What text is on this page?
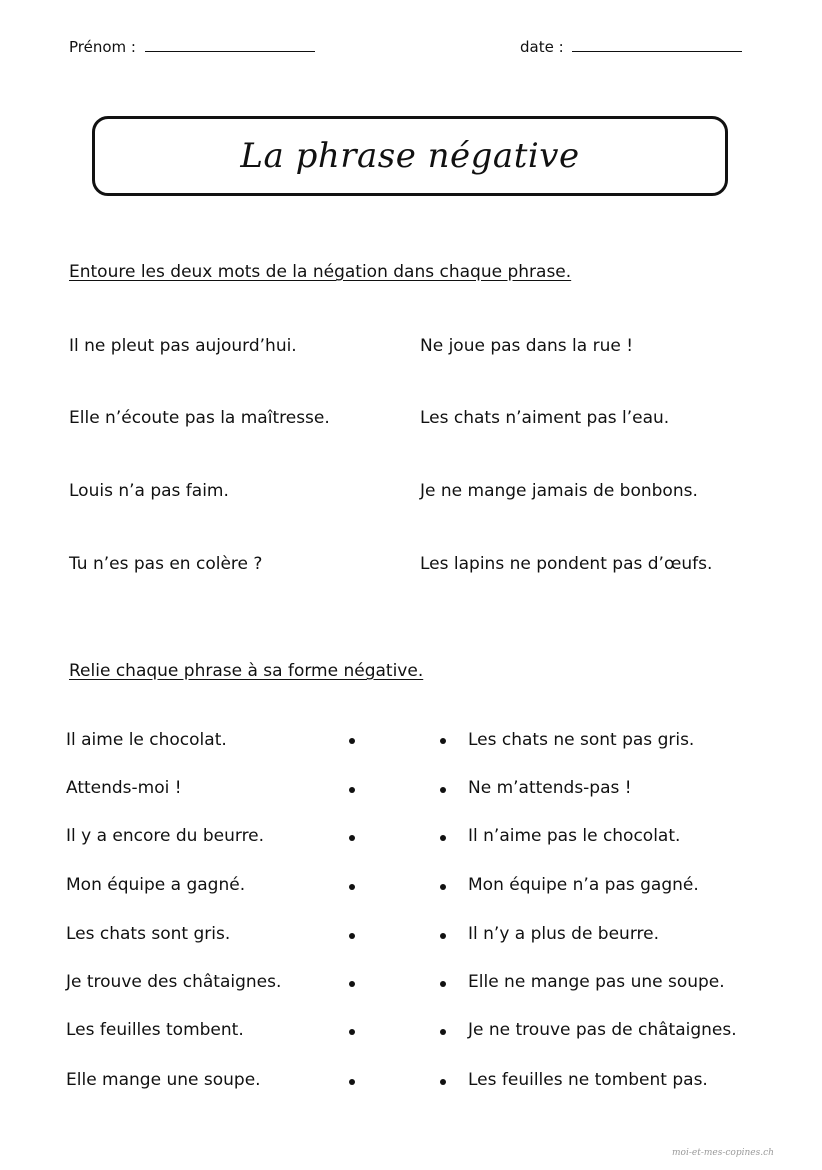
Prénom :	date :
La phrase négative
Entoure les deux mots de la négation dans chaque phrase.
Il ne pleut pas aujourd’hui.
Elle n’écoute pas la maîtresse.
Louis n’a pas faim.
Tu n’es pas en colère ?
Ne joue pas dans la rue !
Les chats n’aiment pas l’eau.
Je ne mange jamais de bonbons.
Les lapins ne pondent pas d’œufs.
Relie chaque phrase à sa forme négative.
Il aime le chocolat.
Attends-moi !
Il y a encore du beurre.
Mon équipe a gagné.
Les chats sont gris.
Je trouve des châtaignes.
Les feuilles tombent.
Elle mange une soupe.
Les chats ne sont pas gris.
Ne m’attends-pas !
Il n’aime pas le chocolat.
Mon équipe n’a pas gagné.
Il n’y a plus de beurre.
Elle ne mange pas une soupe.
Je ne trouve pas de châtaignes.
Les feuilles ne tombent pas.
moi-et-mes-copines.ch
